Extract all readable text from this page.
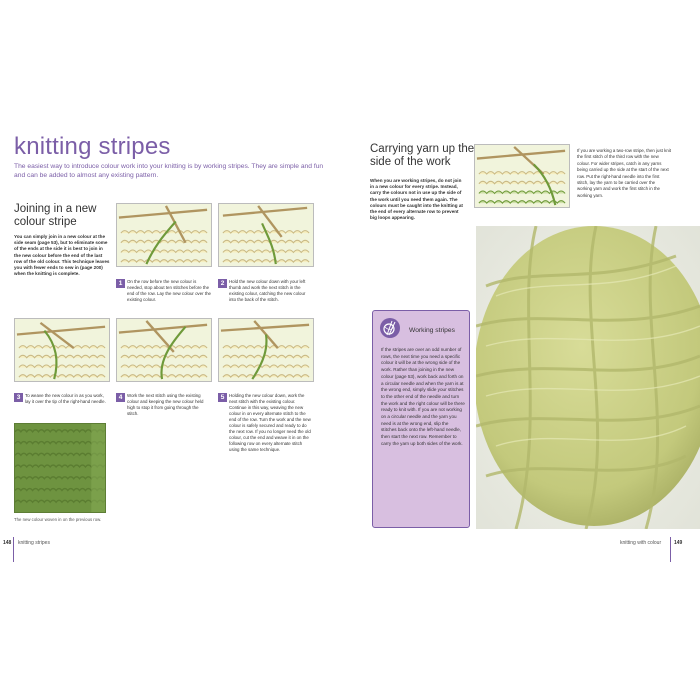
knitting stripes

The easiest way to introduce colour work into your knitting is by working stripes. They are simple and fun and can be added to almost any existing pattern.

Joining in a new colour stripe

You can simply join in a new colour at the side seam (page 53), but to eliminate some of the ends at the side it is best to join in the new colour before the end of the last row of the old colour. This technique leaves you with fewer ends to sew in (page 200) when the knitting is complete.

1	On the row before the new colour is needed, stop about ten stitches before the end of the row. Lay the new colour over the existing colour.
2	Hold the new colour down with your left thumb and work the next stitch in the existing colour, catching the new colour into the back of the stitch.
3	To weave the new colour in as you work, lay it over the tip of the right-hand needle.
4	Work the next stitch using the existing colour and keeping the new colour held high to stop it from going through the stitch.
5	Holding the new colour down, work the next stitch with the existing colour. Continue in this way, weaving the new colour in on every alternate stitch to the end of the row. Turn the work and the new colour is safely secured and ready to do the next row. If you no longer need the old colour, cut the end and weave it in on the following row on every alternate stitch using the same technique.

The new colour woven in on the previous row.

148 knitting stripes
Carrying yarn up the side of the work

When you are working stripes, do not join in a new colour for every stripe. Instead, carry the colours not in use up the side of the work until you need them again. The colours must be caught into the knitting at the end of every alternate row to prevent big loops appearing.

If you are working a two-row stripe, then just knit the first stitch of the third row with the new colour. For wider stripes, catch in any yarns being carried up the side at the start of the next row. Put the right-hand needle into the first stitch, lay the yarn to be carried over the working yarn and work the first stitch in the working yarn.

Working stripes

If the stripes are over an odd number of rows, the next time you need a specific colour it will be at the wrong side of the work. Rather than joining in the new colour (page 53), work back and forth on a circular needle and when the yarn is at the wrong end, simply slide your stitches to the other end of the needle and turn the work and the right colour will be there ready to knit with. If you are not working on a circular needle and the yarn you need is at the wrong end, slip the stitches back onto the left-hand needle, then start the next row. Remember to carry the yarn up both sides of the work.

knitting with colour	149
